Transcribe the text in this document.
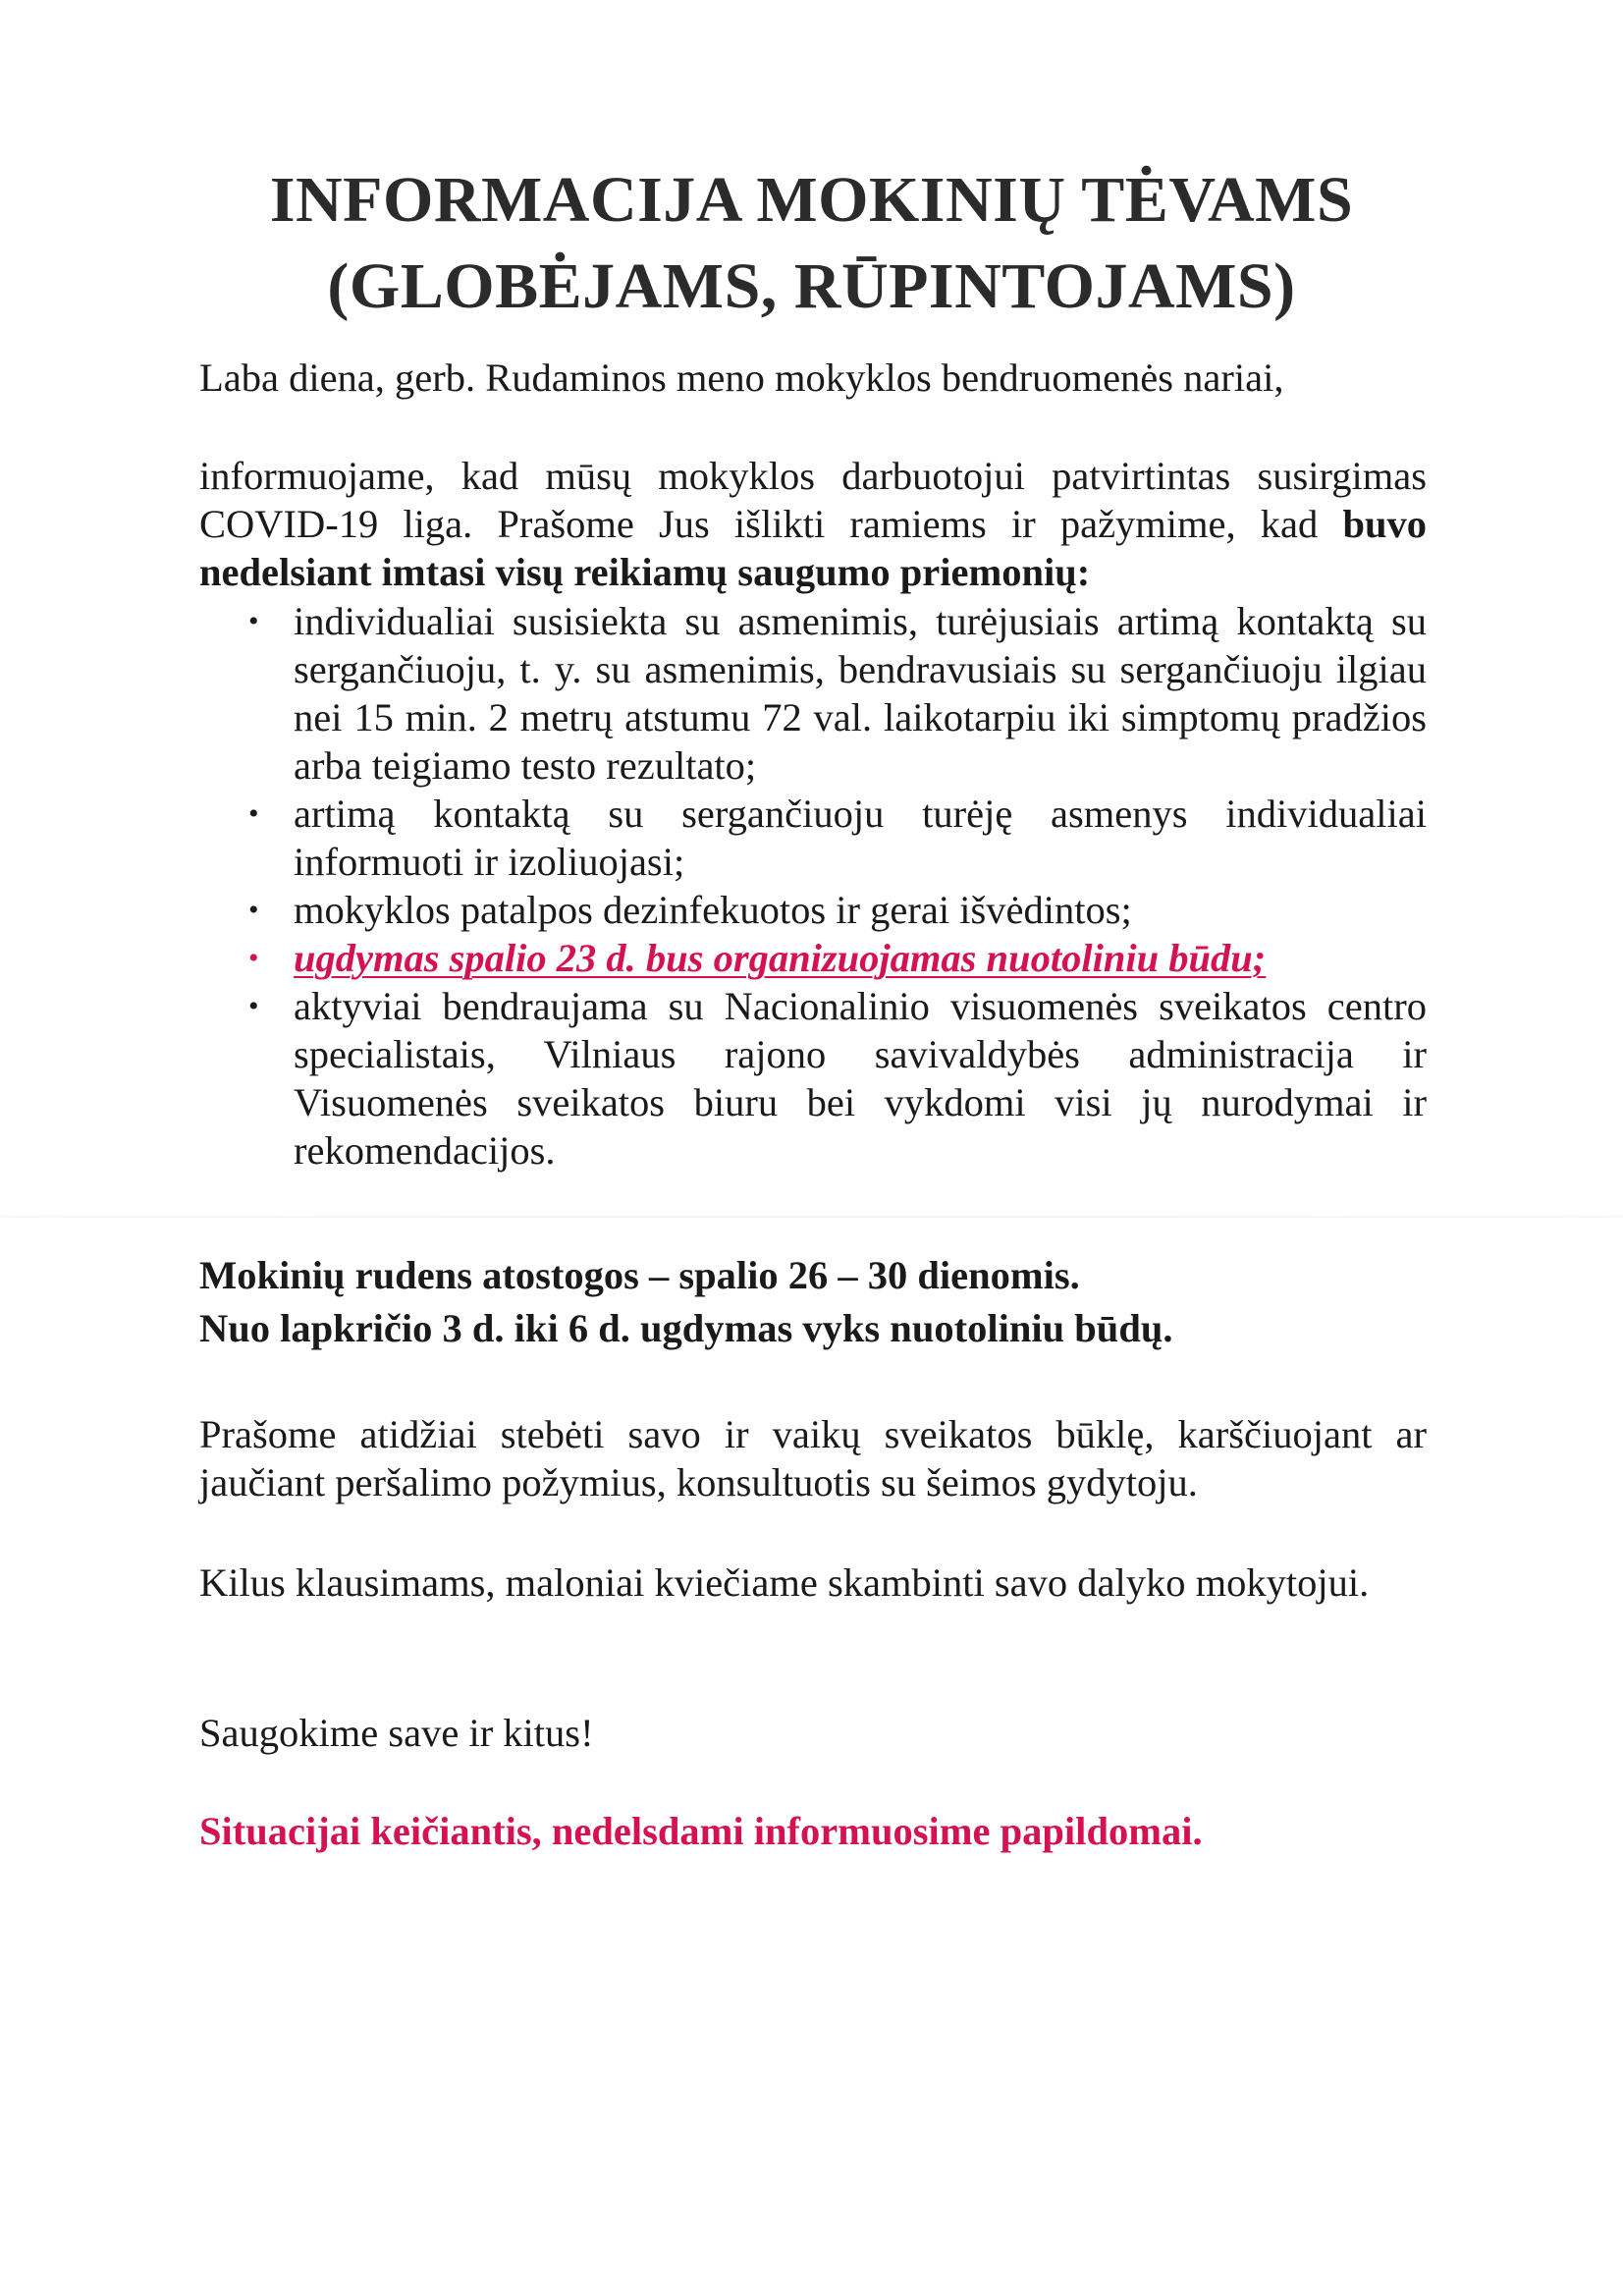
INFORMACIJA MOKINIŲ TĖVAMS
(GLOBĖJAMS, RŪPINTOJAMS)
Laba diena, gerb. Rudaminos meno mokyklos bendruomenės nariai,
informuojame, kad mūsų mokyklos darbuotojui patvirtintas susirgimas COVID-19 liga. Prašome Jus išlikti ramiems ir pažymime, kad buvo nedelsiant imtasi visų reikiamų saugumo priemonių:
• individualiai susisiekta su asmenimis, turėjusiais artimą kontaktą su sergančiuoju, t. y. su asmenimis, bendravusiais su sergančiuoju ilgiau nei 15 min. 2 metrų atstumu 72 val. laikotarpiu iki simptomų pradžios arba teigiamo testo rezultato;
• artimą kontaktą su sergančiuoju turėję asmenys individualiai informuoti ir izoliuojasi;
• mokyklos patalpos dezinfekuotos ir gerai išvėdintos;
• ugdymas spalio 23 d. bus organizuojamas nuotoliniu būdu;
• aktyviai bendraujama su Nacionalinio visuomenės sveikatos centro specialistais, Vilniaus rajono savivaldybės administracija ir Visuomenės sveikatos biuru bei vykdomi visi jų nurodymai ir rekomendacijos.
Mokinių rudens atostogos – spalio 26 – 30 dienomis.
Nuo lapkričio 3 d. iki 6 d. ugdymas vyks nuotoliniu būdų.
Prašome atidžiai stebėti savo ir vaikų sveikatos būklę, karščiuojant ar jaučiant peršalimo požymius, konsultuotis su šeimos gydytoju.
Kilus klausimams, maloniai kviečiame skambinti savo dalyko mokytojui.
Saugokime save ir kitus!
Situacijai keičiantis, nedelsdami informuosime papildomai.
